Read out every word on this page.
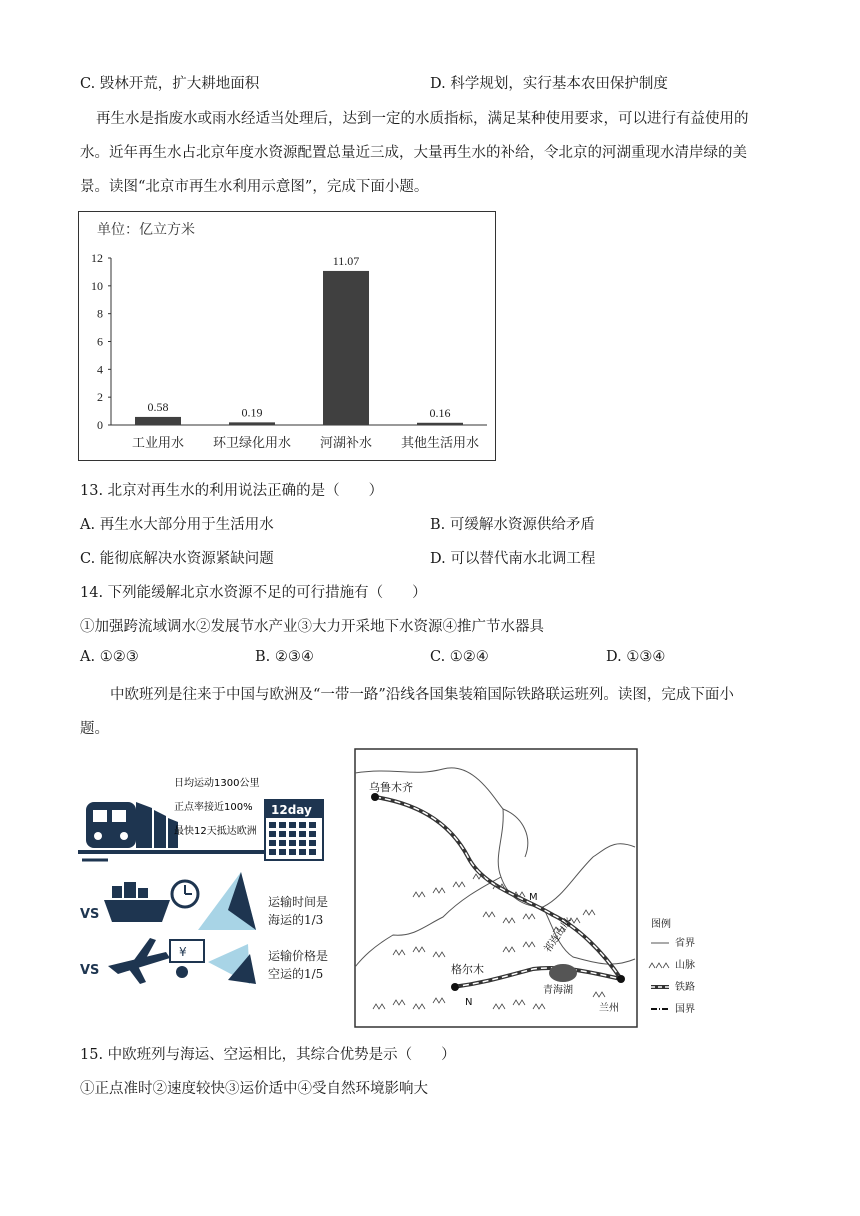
C. 毁林开荒，扩大耕地面积	D. 科学规划，实行基本农田保护制度
再生水是指废水或雨水经适当处理后，达到一定的水质指标，满足某种使用要求，可以进行有益使用的
水。近年再生水占北京年度水资源配置总量近三成，大量再生水的补给，令北京的河湖重现水清岸绿的美
景。读图“北京市再生水利用示意图”，完成下面小题。
单位：亿立方米
0
2
4
6
8
10
12
0.58
工业用水
0.19
环卫绿化用水
11.07
河湖补水
0.16
其他生活用水
13. 北京对再生水的利用说法正确的是（　　）
A. 再生水大部分用于生活用水	B. 可缓解水资源供给矛盾
C. 能彻底解决水资源紧缺问题	D. 可以替代南水北调工程
14. 下列能缓解北京水资源不足的可行措施有（　　）
①加强跨流域调水②发展节水产业③大力开采地下水资源④推广节水器具
A. ①②③	B. ②③④	C. ①②④	D. ①③④
中欧班列是往来于中国与欧洲及“一带一路”沿线各国集装箱国际铁路联运班列。读图，完成下面小
题。
日均运动1300公里
正点率接近100%
最快12天抵达欧洲
12day
VS
运输时间是
海运的1/3
VS
¥	运输价格是
空运的1/5
乌鲁木齐
格尔木
兰州
青海湖
祁连山脉
M
N
图例
省界
山脉
铁路
国界
15. 中欧班列与海运、空运相比，其综合优势是示（　　）
①正点准时②速度较快③运价适中④受自然环境影响大
